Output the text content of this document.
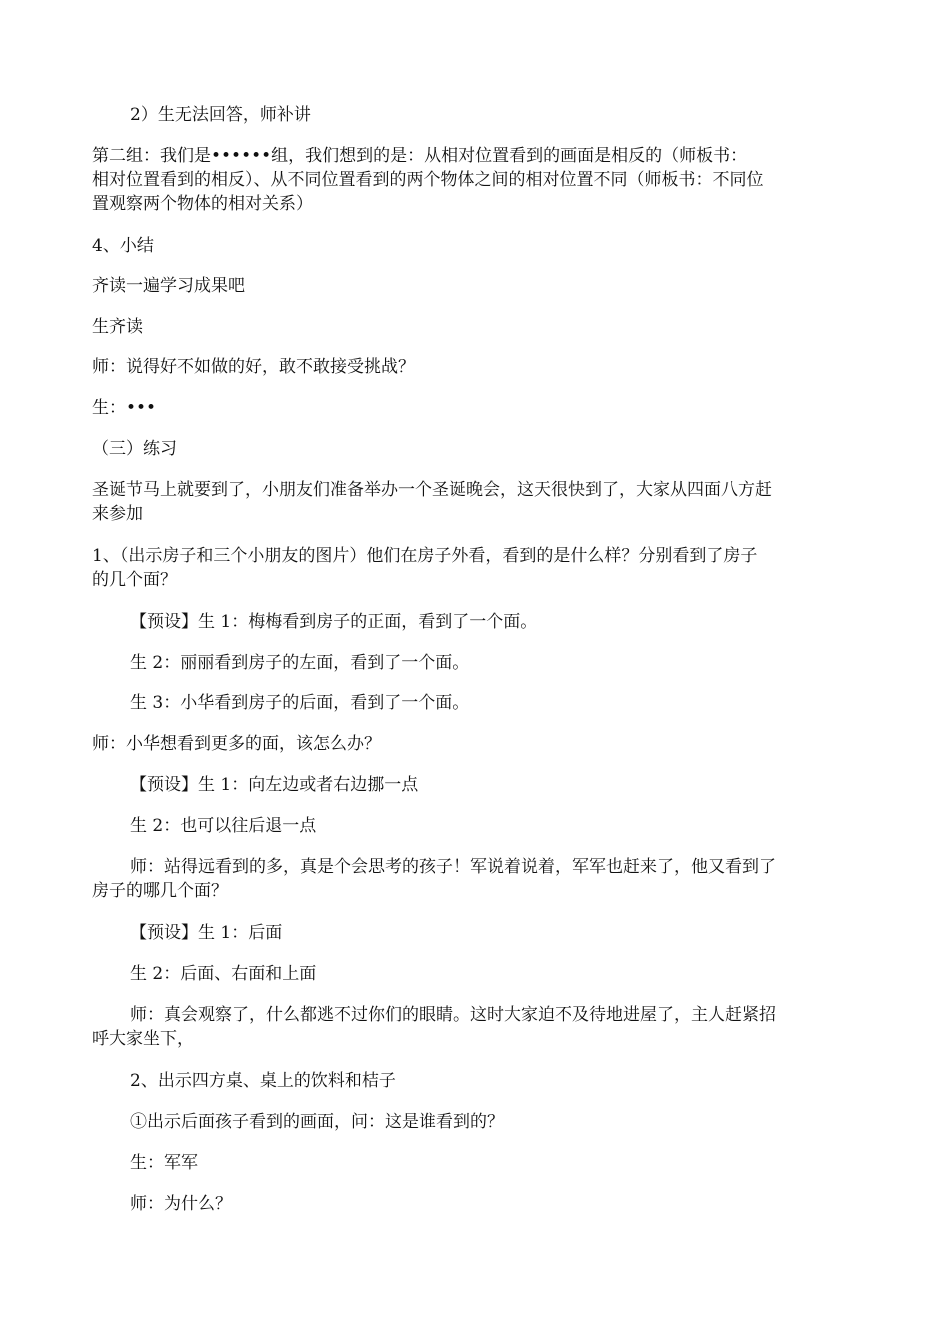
2）生无法回答，师补讲

第二组：我们是••••••组，我们想到的是：从相对位置看到的画面是相反的（师板书：

相对位置看到的相反）、从不同位置看到的两个物体之间的相对位置不同（师板书：不同位

置观察两个物体的相对关系）

4、小结

齐读一遍学习成果吧

生齐读

师：说得好不如做的好，敢不敢接受挑战？

生：•••

（三）练习

圣诞节马上就要到了，小朋友们准备举办一个圣诞晚会，这天很快到了，大家从四面八方赶

来参加

1、（出示房子和三个小朋友的图片）他们在房子外看，看到的是什么样？分别看到了房子

的几个面？

【预设】生 1：梅梅看到房子的正面，看到了一个面。

生 2：丽丽看到房子的左面，看到了一个面。

生 3：小华看到房子的后面，看到了一个面。

师：小华想看到更多的面，该怎么办？

【预设】生 1：向左边或者右边挪一点

生 2：也可以往后退一点

师：站得远看到的多，真是个会思考的孩子！军说着说着，军军也赶来了，他又看到了

房子的哪几个面？

【预设】生 1：后面

生 2：后面、右面和上面

师：真会观察了，什么都逃不过你们的眼睛。这时大家迫不及待地进屋了，主人赶紧招

呼大家坐下，

2、出示四方桌、桌上的饮料和桔子

①出示后面孩子看到的画面，问：这是谁看到的？

生：军军

师：为什么？
